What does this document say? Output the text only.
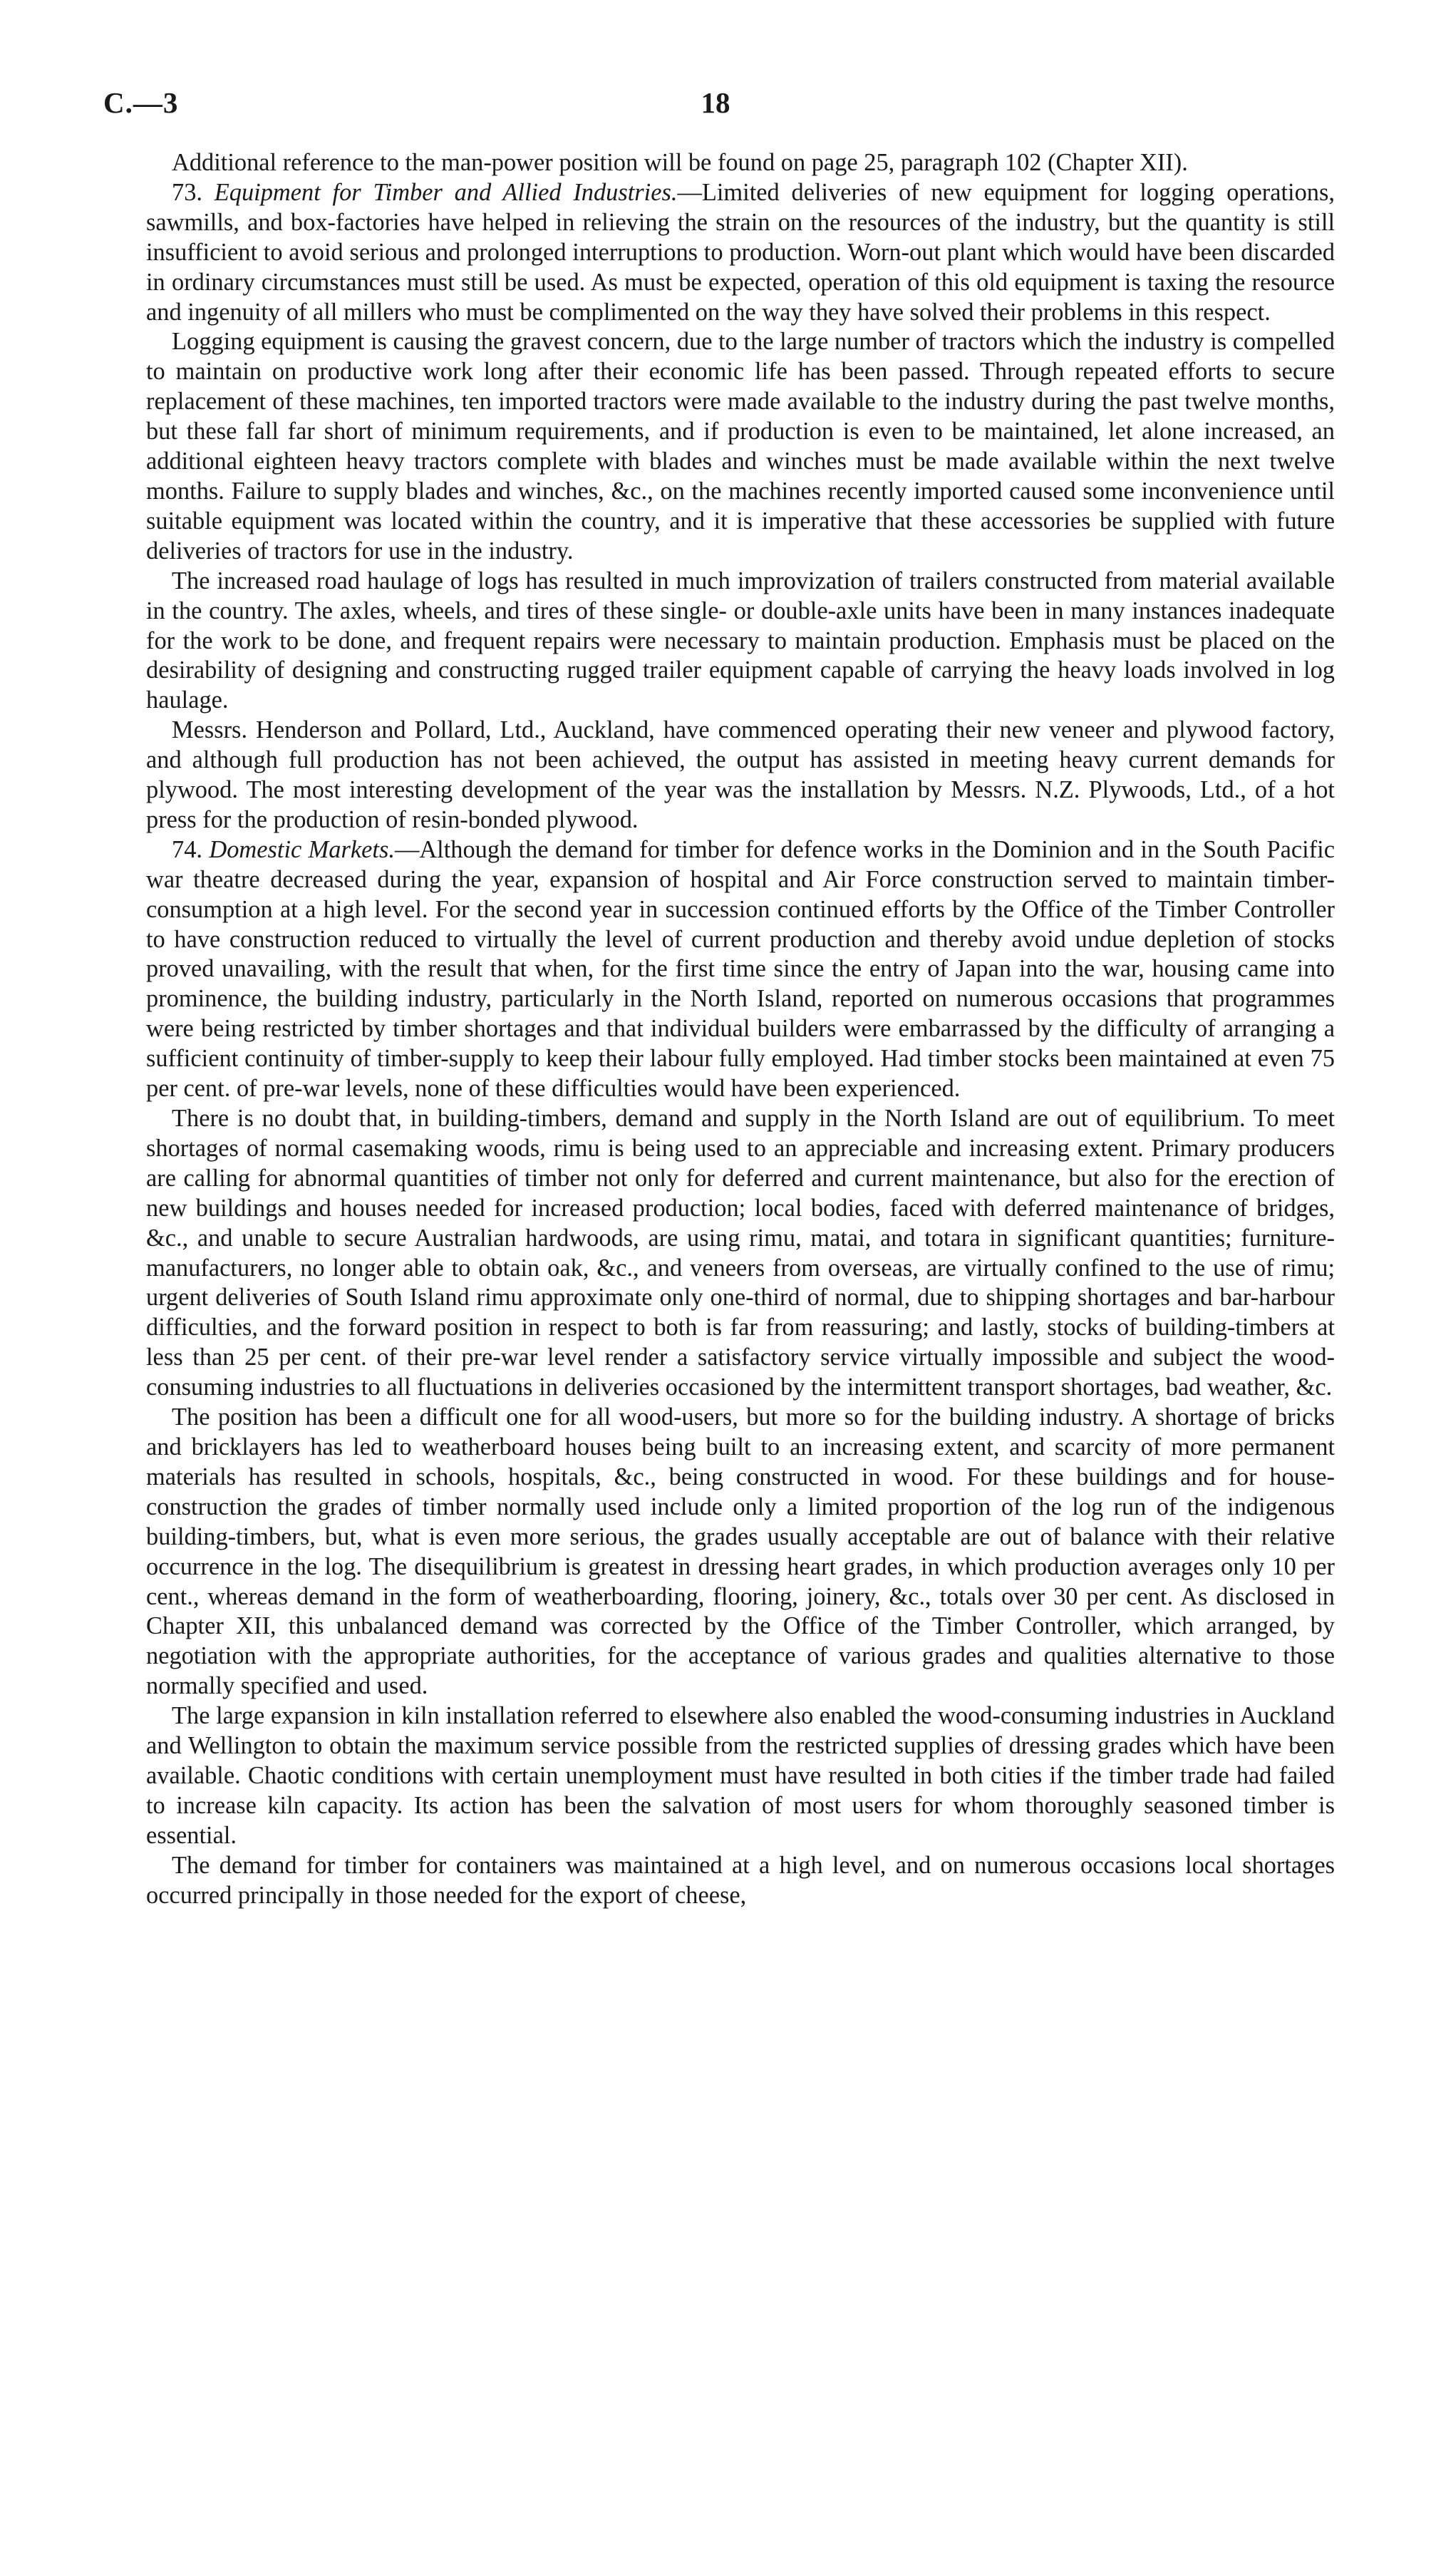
C.—3	18

Additional reference to the man-power position will be found on page 25, paragraph 102 (Chapter XII).

73. Equipment for Timber and Allied Industries.—Limited deliveries of new equipment for logging operations, sawmills, and box-factories have helped in relieving the strain on the resources of the industry, but the quantity is still insufficient to avoid serious and prolonged interruptions to production. Worn-out plant which would have been discarded in ordinary circumstances must still be used. As must be expected, operation of this old equipment is taxing the resource and ingenuity of all millers who must be complimented on the way they have solved their problems in this respect.

Logging equipment is causing the gravest concern, due to the large number of tractors which the industry is compelled to maintain on productive work long after their economic life has been passed. Through repeated efforts to secure replacement of these machines, ten imported tractors were made available to the industry during the past twelve months, but these fall far short of minimum requirements, and if production is even to be maintained, let alone increased, an additional eighteen heavy tractors complete with blades and winches must be made available within the next twelve months. Failure to supply blades and winches, &c., on the machines recently imported caused some inconvenience until suitable equipment was located within the country, and it is imperative that these accessories be supplied with future deliveries of tractors for use in the industry.

The increased road haulage of logs has resulted in much improvization of trailers constructed from material available in the country. The axles, wheels, and tires of these single- or double-axle units have been in many instances inadequate for the work to be done, and frequent repairs were necessary to maintain production. Emphasis must be placed on the desirability of designing and constructing rugged trailer equipment capable of carrying the heavy loads involved in log haulage.

Messrs. Henderson and Pollard, Ltd., Auckland, have commenced operating their new veneer and plywood factory, and although full production has not been achieved, the output has assisted in meeting heavy current demands for plywood. The most interesting development of the year was the installation by Messrs. N.Z. Plywoods, Ltd., of a hot press for the production of resin-bonded plywood.

74. Domestic Markets.—Although the demand for timber for defence works in the Dominion and in the South Pacific war theatre decreased during the year, expansion of hospital and Air Force construction served to maintain timber-consumption at a high level. For the second year in succession continued efforts by the Office of the Timber Controller to have construction reduced to virtually the level of current production and thereby avoid undue depletion of stocks proved unavailing, with the result that when, for the first time since the entry of Japan into the war, housing came into prominence, the building industry, particularly in the North Island, reported on numerous occasions that programmes were being restricted by timber shortages and that individual builders were embarrassed by the difficulty of arranging a sufficient continuity of timber-supply to keep their labour fully employed. Had timber stocks been maintained at even 75 per cent. of pre-war levels, none of these difficulties would have been experienced.

There is no doubt that, in building-timbers, demand and supply in the North Island are out of equilibrium. To meet shortages of normal casemaking woods, rimu is being used to an appreciable and increasing extent. Primary producers are calling for abnormal quantities of timber not only for deferred and current maintenance, but also for the erection of new buildings and houses needed for increased production; local bodies, faced with deferred maintenance of bridges, &c., and unable to secure Australian hardwoods, are using rimu, matai, and totara in significant quantities; furniture-manufacturers, no longer able to obtain oak, &c., and veneers from overseas, are virtually confined to the use of rimu; urgent deliveries of South Island rimu approximate only one-third of normal, due to shipping shortages and bar-harbour difficulties, and the forward position in respect to both is far from reassuring; and lastly, stocks of building-timbers at less than 25 per cent. of their pre-war level render a satisfactory service virtually impossible and subject the wood-consuming industries to all fluctuations in deliveries occasioned by the intermittent transport shortages, bad weather, &c.

The position has been a difficult one for all wood-users, but more so for the building industry. A shortage of bricks and bricklayers has led to weatherboard houses being built to an increasing extent, and scarcity of more permanent materials has resulted in schools, hospitals, &c., being constructed in wood. For these buildings and for house-construction the grades of timber normally used include only a limited proportion of the log run of the indigenous building-timbers, but, what is even more serious, the grades usually acceptable are out of balance with their relative occurrence in the log. The disequilibrium is greatest in dressing heart grades, in which production averages only 10 per cent., whereas demand in the form of weatherboarding, flooring, joinery, &c., totals over 30 per cent. As disclosed in Chapter XII, this unbalanced demand was corrected by the Office of the Timber Controller, which arranged, by negotiation with the appropriate authorities, for the acceptance of various grades and qualities alternative to those normally specified and used.

The large expansion in kiln installation referred to elsewhere also enabled the wood-consuming industries in Auckland and Wellington to obtain the maximum service possible from the restricted supplies of dressing grades which have been available. Chaotic conditions with certain unemployment must have resulted in both cities if the timber trade had failed to increase kiln capacity. Its action has been the salvation of most users for whom thoroughly seasoned timber is essential.

The demand for timber for containers was maintained at a high level, and on numerous occasions local shortages occurred principally in those needed for the export of cheese,
